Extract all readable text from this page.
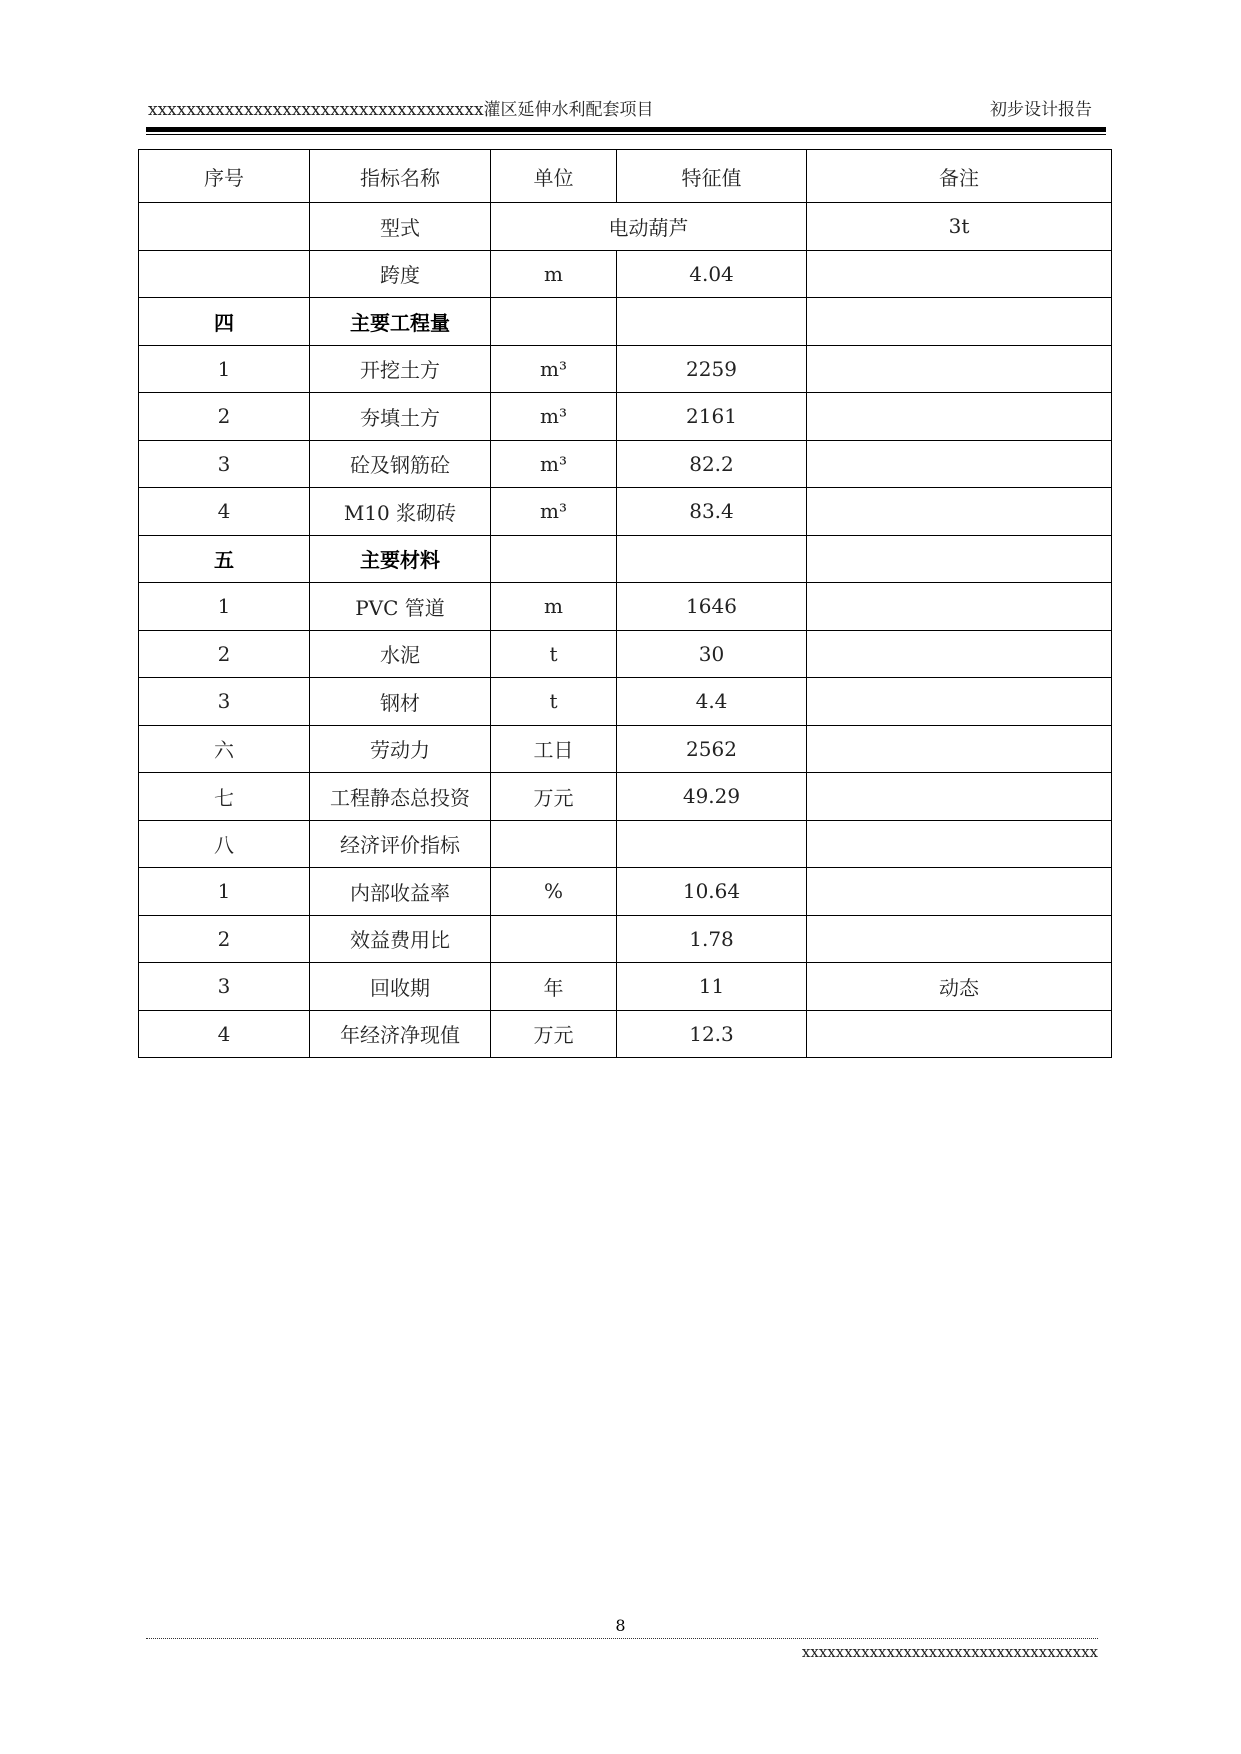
xxxxxxxxxxxxxxxxxxxxxxxxxxxxxxxxxxx灌区延伸水利配套项目	初步设计报告
序号	指标名称	单位	特征值	备注
	型式	电动葫芦		3t
	跨度	m	4.04	
四	主要工程量			
1	开挖土方	m³	2259	
2	夯填土方	m³	2161	
3	砼及钢筋砼	m³	82.2	
4	M10 浆砌砖	m³	83.4	
五	主要材料			
1	PVC 管道	m	1646	
2	水泥	t	30	
3	钢材	t	4.4	
六	劳动力	工日	2562	
七	工程静态总投资	万元	49.29	
八	经济评价指标			
1	内部收益率	%	10.64	
2	效益费用比		1.78	
3	回收期	年	11	动态
4	年经济净现值	万元	12.3	
8
xxxxxxxxxxxxxxxxxxxxxxxxxxxxxxxxxxx
